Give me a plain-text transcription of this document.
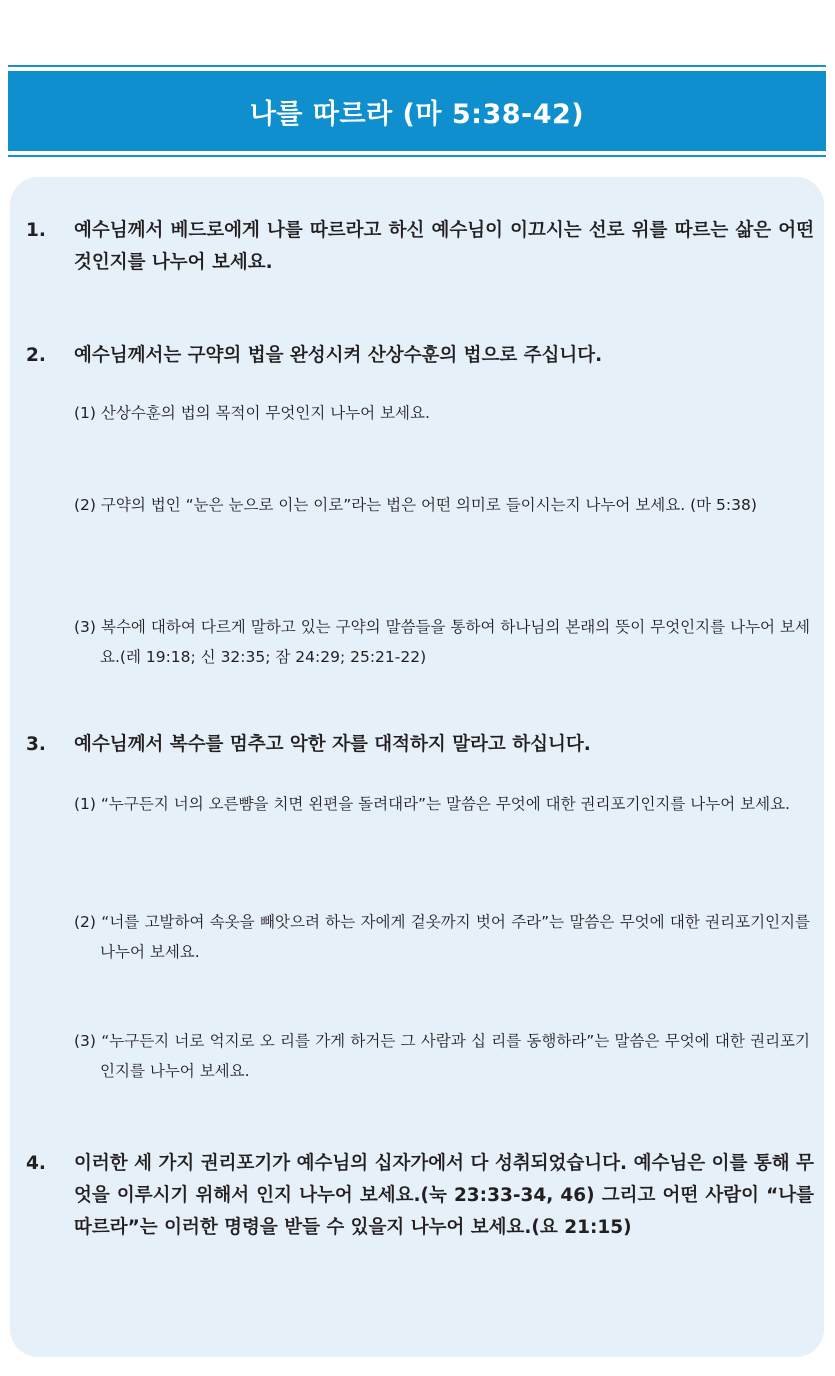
나를 따르라 (마 5:38-42)
1. 예수님께서 베드로에게 나를 따르라고 하신 예수님이 이끄시는 선로 위를 따르는 삶은 어떤 것인지를 나누어 보세요.
2. 예수님께서는 구약의 법을 완성시켜 산상수훈의 법으로 주십니다.
(1) 산상수훈의 법의 목적이 무엇인지 나누어 보세요.
(2) 구약의 법인 “눈은 눈으로 이는 이로”라는 법은 어떤 의미로 들이시는지 나누어 보세요. (마 5:38)
(3) 복수에 대하여 다르게 말하고 있는 구약의 말씀들을 통하여 하나님의 본래의 뜻이 무엇인지를 나누어 보세요.(레 19:18; 신 32:35; 잠 24:29; 25:21-22)
3. 예수님께서 복수를 멈추고 악한 자를 대적하지 말라고 하십니다.
(1) “누구든지 너의 오른뺨을 치면 왼편을 돌려대라”는 말씀은 무엇에 대한 권리포기인지를 나누어 보세요.
(2) “너를 고발하여 속옷을 빼앗으려 하는 자에게 겉옷까지 벗어 주라”는 말씀은 무엇에 대한 권리포기인지를 나누어 보세요.
(3) “누구든지 너로 억지로 오 리를 가게 하거든 그 사람과 십 리를 동행하라”는 말씀은 무엇에 대한 권리포기 인지를 나누어 보세요.
4. 이러한 세 가지 권리포기가 예수님의 십자가에서 다 성취되었습니다. 예수님은 이를 통해 무엇을 이루시기 위해서 인지 나누어 보세요.(눅 23:33-34, 46) 그리고 어떤 사람이 “나를 따르라”는 이러한 명령을 받들 수 있을지 나누어 보세요.(요 21:15)
